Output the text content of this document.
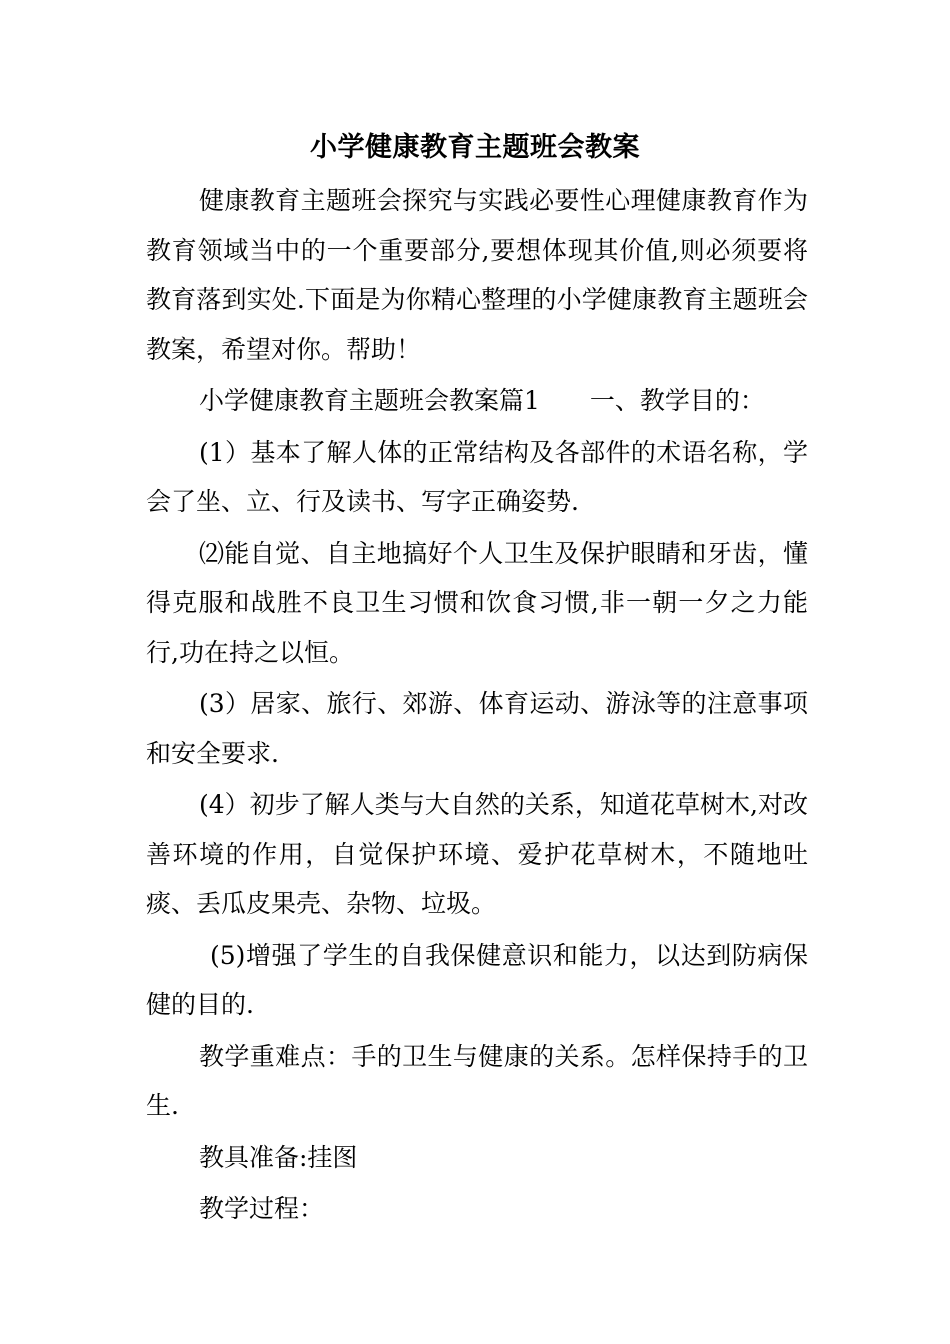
小学健康教育主题班会教案

健康教育主题班会探究与实践必要性心理健康教育作为教育领域当中的一个重要部分,要想体现其价值,则必须要将教育落到实处.下面是为你精心整理的小学健康教育主题班会教案，希望对你。帮助！

小学健康教育主题班会教案篇1　　一、教学目的：

(1）基本了解人体的正常结构及各部件的术语名称，学会了坐、立、行及读书、写字正确姿势.

⑵能自觉、自主地搞好个人卫生及保护眼睛和牙齿，懂得克服和战胜不良卫生习惯和饮食习惯,非一朝一夕之力能行,功在持之以恒。

(3）居家、旅行、郊游、体育运动、游泳等的注意事项和安全要求.

(4）初步了解人类与大自然的关系，知道花草树木,对改善环境的作用，自觉保护环境、爱护花草树木，不随地吐痰、丢瓜皮果壳、杂物、垃圾。

(5)增强了学生的自我保健意识和能力，以达到防病保健的目的.

教学重难点：手的卫生与健康的关系。怎样保持手的卫生.

教具准备:挂图

教学过程：
